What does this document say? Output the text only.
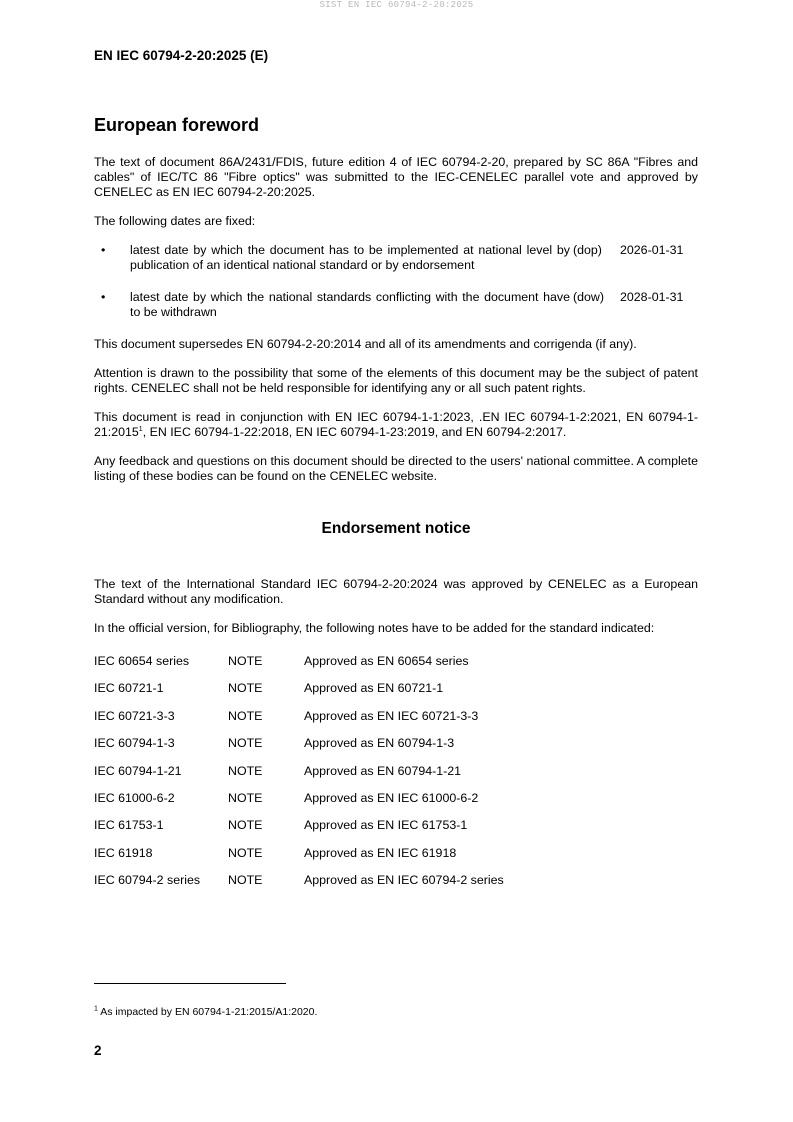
SIST EN IEC 60794-2-20:2025
EN IEC 60794-2-20:2025 (E)
European foreword

The text of document 86A/2431/FDIS, future edition 4 of IEC 60794-2-20, prepared by SC 86A "Fibres and cables" of IEC/TC 86 "Fibre optics" was submitted to the IEC-CENELEC parallel vote and approved by CENELEC as EN IEC 60794-2-20:2025.

The following dates are fixed:

• latest date by which the document has to be implemented at national level by publication of an identical national standard or by endorsement
(dop) 2026-01-31
• latest date by which the national standards conflicting with the document have to be withdrawn
(dow) 2028-01-31

This document supersedes EN 60794-2-20:2014 and all of its amendments and corrigenda (if any).

Attention is drawn to the possibility that some of the elements of this document may be the subject of patent rights. CENELEC shall not be held responsible for identifying any or all such patent rights.

This document is read in conjunction with EN IEC 60794-1-1:2023, .EN IEC 60794-1-2:2021, EN 60794-1-21:2015$^1$, EN IEC 60794-1-22:2018, EN IEC 60794-1-23:2019, and EN 60794-2:2017.

Any feedback and questions on this document should be directed to the users' national committee. A complete listing of these bodies can be found on the CENELEC website.

Endorsement notice

The text of the International Standard IEC 60794-2-20:2024 was approved by CENELEC as a European Standard without any modification.

In the official version, for Bibliography, the following notes have to be added for the standard indicated:

IEC 60654 series	NOTE	Approved as EN 60654 series
IEC 60721-1	NOTE	Approved as EN 60721-1
IEC 60721-3-3	NOTE	Approved as EN IEC 60721-3-3
IEC 60794-1-3	NOTE	Approved as EN 60794-1-3
IEC 60794-1-21	NOTE	Approved as EN 60794-1-21
IEC 61000-6-2	NOTE	Approved as EN IEC 61000-6-2
IEC 61753-1	NOTE	Approved as EN IEC 61753-1
IEC 61918	NOTE	Approved as EN IEC 61918
IEC 60794-2 series NOTE	Approved as EN IEC 60794-2 series
$^1$ As impacted by EN 60794-1-21:2015/A1:2020.
2
